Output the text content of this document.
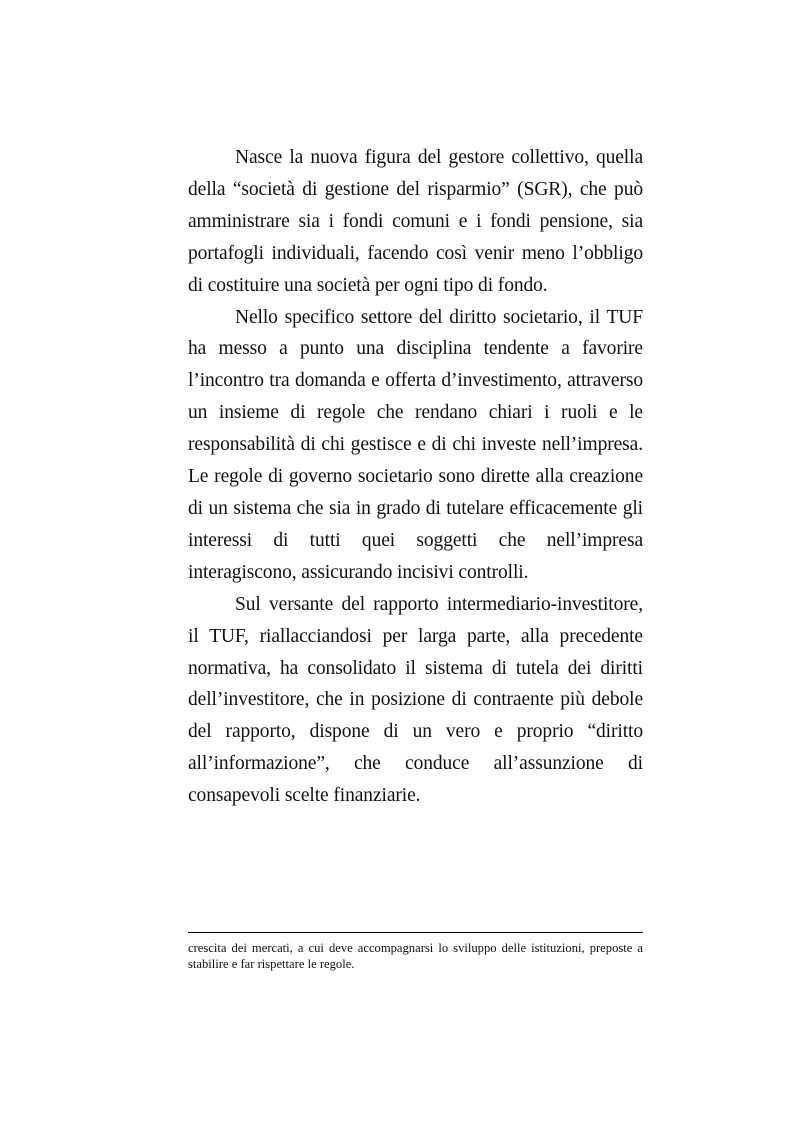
Nasce la nuova figura del gestore collettivo, quella della “società di gestione del risparmio” (SGR), che può amministrare sia i fondi comuni e i fondi pensione, sia portafogli individuali, facendo così venir meno l’obbligo di costituire una società per ogni tipo di fondo.

Nello specifico settore del diritto societario, il TUF ha messo a punto una disciplina tendente a favorire l’incontro tra domanda e offerta d’investimento, attraverso un insieme di regole che rendano chiari i ruoli e le responsabilità di chi gestisce e di chi investe nell’impresa. Le regole di governo societario sono dirette alla creazione di un sistema che sia in grado di tutelare efficacemente gli interessi di tutti quei soggetti che nell’impresa interagiscono, assicurando incisivi controlli.

Sul versante del rapporto intermediario-investitore, il TUF, riallacciandosi per larga parte, alla precedente normativa, ha consolidato il sistema di tutela dei diritti dell’investitore, che in posizione di contraente più debole del rapporto, dispone di un vero e proprio “diritto all’informazione”, che conduce all’assunzione di consapevoli scelte finanziarie.

crescita dei mercati, a cui deve accompagnarsi lo sviluppo delle istituzioni, preposte a stabilire e far rispettare le regole.
